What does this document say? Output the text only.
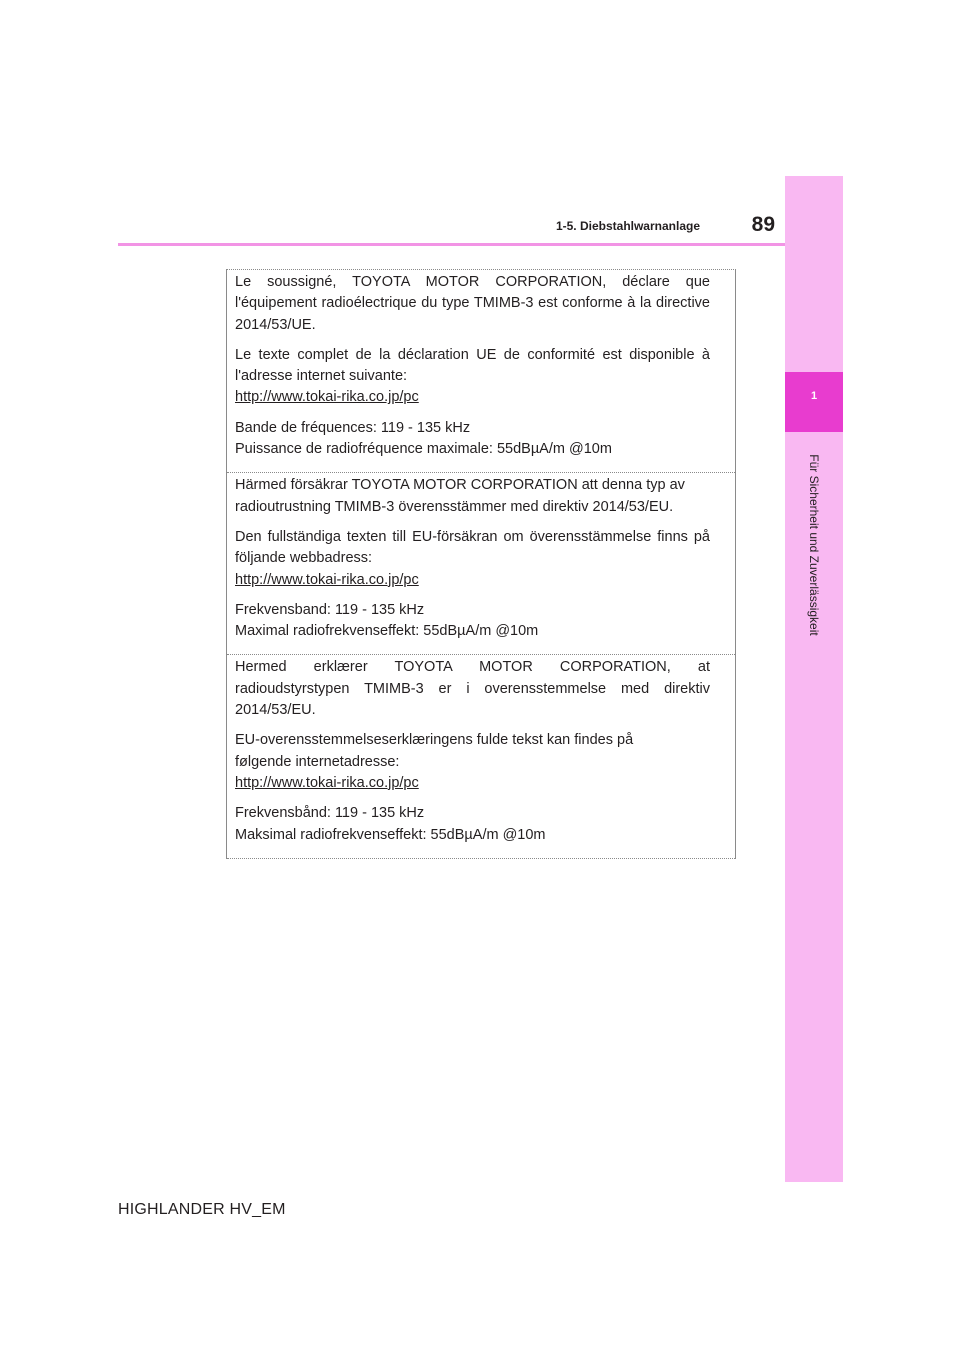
1
Für Sicherheit und Zuverlässigkeit
1-5. Diebstahlwarnanlage	89

Le soussigné, TOYOTA MOTOR CORPORATION, déclare que l'équipement radioélectrique du type TMIMB-3 est conforme à la directive 2014/53/UE.

Le texte complet de la déclaration UE de conformité est disponible à l'adresse internet suivante:
http://www.tokai-rika.co.jp/pc

Bande de fréquences: 119 - 135 kHz
Puissance de radiofréquence maximale: 55dBµA/m @10m

Härmed försäkrar TOYOTA MOTOR CORPORATION att denna typ av radioutrustning TMIMB-3 överensstämmer med direktiv 2014/53/EU.

Den fullständiga texten till EU-försäkran om överensstämmelse finns på följande webbadress:
http://www.tokai-rika.co.jp/pc

Frekvensband: 119 - 135 kHz
Maximal radiofrekvenseffekt: 55dBµA/m @10m

Hermed erklærer TOYOTA MOTOR CORPORATION, at radioudstyrstypen TMIMB-3 er i overensstemmelse med direktiv 2014/53/EU.

EU-overensstemmelseserklæringens fulde tekst kan findes på
følgende internetadresse:
http://www.tokai-rika.co.jp/pc

Frekvensbånd: 119 - 135 kHz
Maksimal radiofrekvenseffekt: 55dBµA/m @10m

HIGHLANDER HV_EM
